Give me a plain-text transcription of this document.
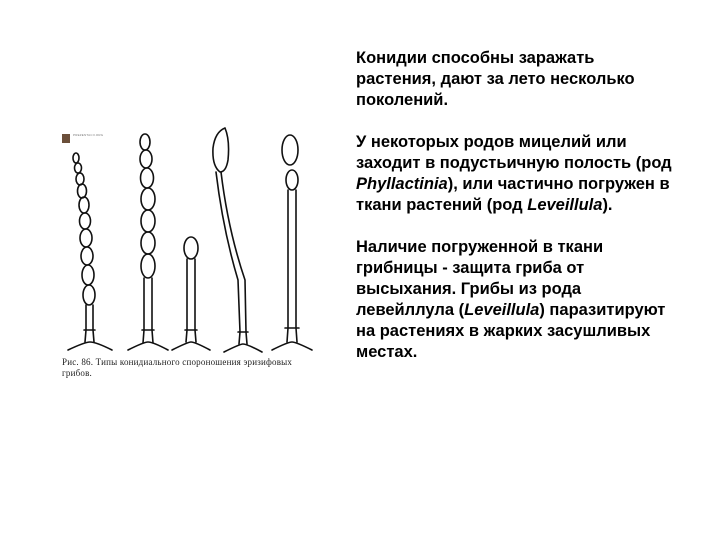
PREZENTACII.ORG
Рис. 86. Типы конидиального спороношения эризифовых грибов.

Конидии способны заражать растения, дают за лето несколько поколений.

У некоторых родов мицелий или заходит в подустьичную полость (род Phyllactinia), или частично погружен в ткани растений (род Leveillula).

Наличие погруженной в ткани грибницы - защита гриба от высыхания. Грибы из рода левейллула (Leveillula) паразитируют на растениях в жарких засушливых местах.
